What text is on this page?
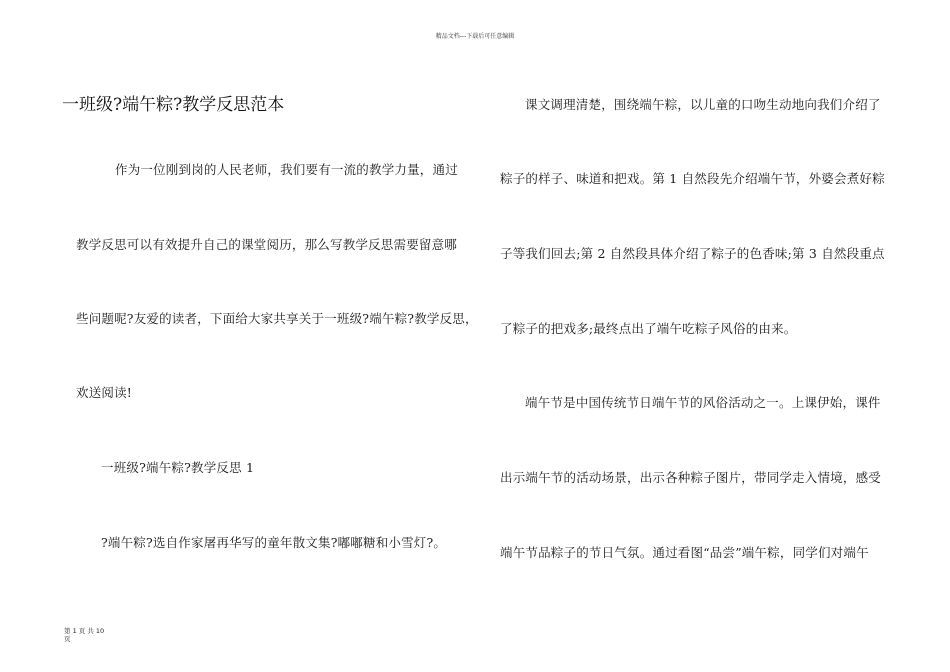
精品文档---下载后可任意编辑
一班级?端午粽?教学反思范本
作为一位刚到岗的人民老师，我们要有一流的教学力量，通过
教学反思可以有效提升自己的课堂阅历，那么写教学反思需要留意哪
些问题呢?友爱的读者，下面给大家共享关于一班级?端午粽?教学反思，
欢送阅读!
一班级?端午粽?教学反思 1
?端午粽?选自作家屠再华写的童年散文集?嘟嘟糖和小雪灯?。
课文调理清楚，围绕端午粽，以儿童的口吻生动地向我们介绍了
粽子的样子、味道和把戏。第 1 自然段先介绍端午节，外婆会煮好粽
子等我们回去;第 2 自然段具体介绍了粽子的色香味;第 3 自然段重点
了粽子的把戏多;最终点出了端午吃粽子风俗的由来。
端午节是中国传统节日端午节的风俗活动之一。上课伊始，课件
出示端午节的活动场景，出示各种粽子图片，带同学走入情境，感受
端午节品粽子的节日气氛。通过看图“品尝”端午粽，同学们对端午
第 1 页 共 10
页
